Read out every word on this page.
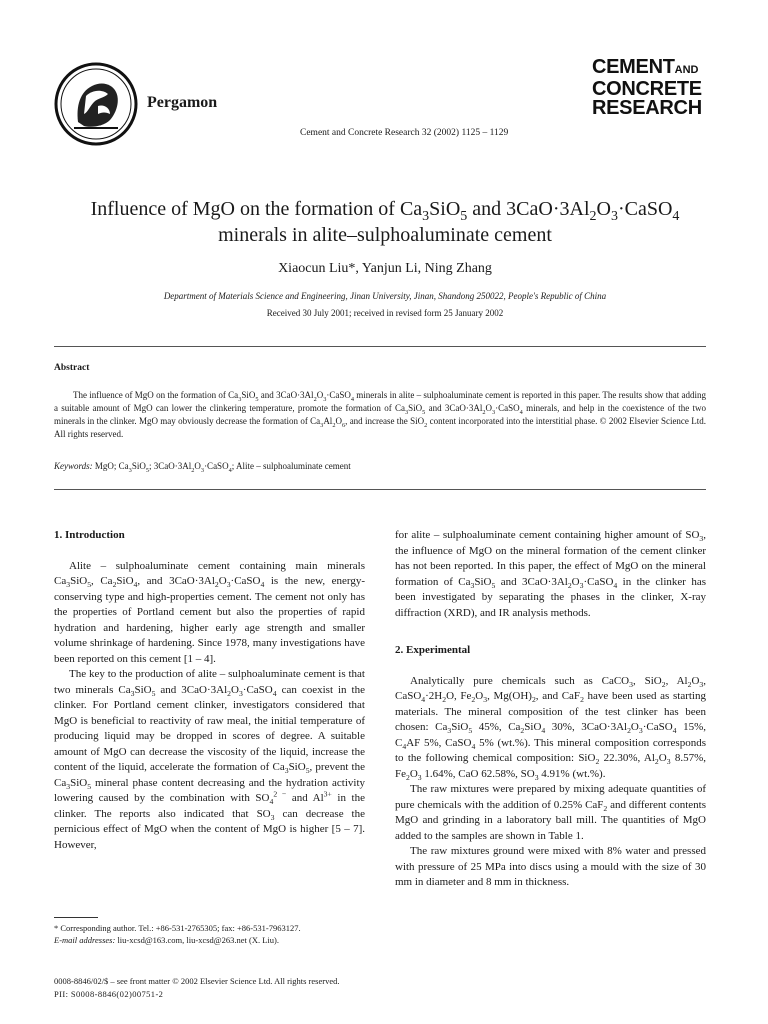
Pergamon
Cement and Concrete Research 32 (2002) 1125 – 1129
CEMENTAND
CONCRETE
RESEARCH
Influence of MgO on the formation of $Ca_3SiO_5$ and $3CaO\cdot 3Al_2O_3\cdot CaSO_4$
minerals in alite–sulphoaluminate cement
Xiaocun Liu*, Yanjun Li, Ning Zhang
Department of Materials Science and Engineering, Jinan University, Jinan, Shandong 250022, People's Republic of China
Received 30 July 2001; received in revised form 25 January 2002
Abstract
The influence of MgO on the formation of $Ca_3SiO_5$ and $3CaO\cdot 3Al_2O_3\cdot CaSO_4$ minerals in alite – sulphoaluminate cement is reported in this paper. The results show that adding a suitable amount of MgO can lower the clinkering temperature, promote the formation of $Ca_3SiO_5$ and $3CaO\cdot 3Al_2O_3\cdot CaSO_4$ minerals, and help in the coexistence of the two minerals in the clinker. MgO may obviously decrease the formation of $Ca_3Al_2O_6$, and increase the SiO$_2$ content incorporated into the interstitial phase. © 2002 Elsevier Science Ltd. All rights reserved.
Keywords: MgO; $Ca_3SiO_5$; $3CaO\cdot 3Al_2O_3\cdot CaSO_4$; Alite – sulphoaluminate cement
1. Introduction

Alite – sulphoaluminate cement containing main minerals $Ca_3SiO_5$, $Ca_2SiO_4$, and $3CaO\cdot 3Al_2O_3\cdot CaSO_4$ is the new, energy-conserving type and high-properties cement. The cement not only has the properties of Portland cement but also the properties of rapid hydration and hardening, higher early age strength and smaller volume shrinkage of hardening. Since 1978, many investigations have been reported on this cement [1 – 4].

The key to the production of alite – sulphoaluminate cement is that two minerals $Ca_3SiO_5$ and $3CaO\cdot 3Al_2O_3\cdot CaSO_4$ can coexist in the clinker. For Portland cement clinker, investigators considered that MgO is beneficial to reactivity of raw meal, the initial temperature of producing liquid may be dropped in scores of degree. A suitable amount of MgO can decrease the viscosity of the liquid, increase the content of the liquid, accelerate the formation of $Ca_3SiO_5$, prevent the $Ca_3SiO_5$ mineral phase content decreasing and the hydration activity lowering caused by the combination with $SO_4^{2 -}$ and $Al^{3+}$ in the clinker. The reports also indicated that $SO_3$ can decrease the pernicious effect of MgO when the content of MgO is higher [5 – 7]. However,

for alite – sulphoaluminate cement containing higher amount of $SO_3$, the influence of MgO on the mineral formation of the cement clinker has not been reported. In this paper, the effect of MgO on the mineral formation of $Ca_3SiO_5$ and $3CaO\cdot 3Al_2O_3\cdot CaSO_4$ in the clinker has been investigated by separating the phases in the clinker, X-ray diffraction (XRD), and IR analysis methods.

2. Experimental

Analytically pure chemicals such as CaCO$_3$, SiO$_2$, $Al_2O_3$, $CaSO_4\cdot 2H_2O$, $Fe_2O_3$, $Mg(OH)_2$, and CaF$_2$ have been used as starting materials. The mineral composition of the test clinker has been chosen: $Ca_3SiO_5$ 45%, $Ca_2SiO_4$ 30%, $3CaO\cdot 3Al_2O_3\cdot CaSO_4$ 15%, $C_4AF$ 5%, CaSO$_4$ 5% (wt.%). This mineral composition corresponds to the following chemical composition: SiO$_2$ 22.30%, $Al_2O_3$ 8.57%, $Fe_2O_3$ 1.64%, CaO 62.58%, $SO_3$ 4.91% (wt.%).

The raw mixtures were prepared by mixing adequate quantities of pure chemicals with the addition of 0.25% CaF$_2$ and different contents MgO and grinding in a laboratory ball mill. The quantities of MgO added to the samples are shown in Table 1.

The raw mixtures ground were mixed with 8% water and pressed with pressure of 25 MPa into discs using a mould with the size of 30 mm in diameter and 8 mm in thickness.

* Corresponding author. Tel.: +86-531-2765305; fax: +86-531-7963127.
E-mail addresses: liu-xcsd@163.com, liu-xcsd@263.net (X. Liu).
0008-8846/02/$ – see front matter © 2002 Elsevier Science Ltd. All rights reserved.
PII: S0008-8846(02)00751-2
